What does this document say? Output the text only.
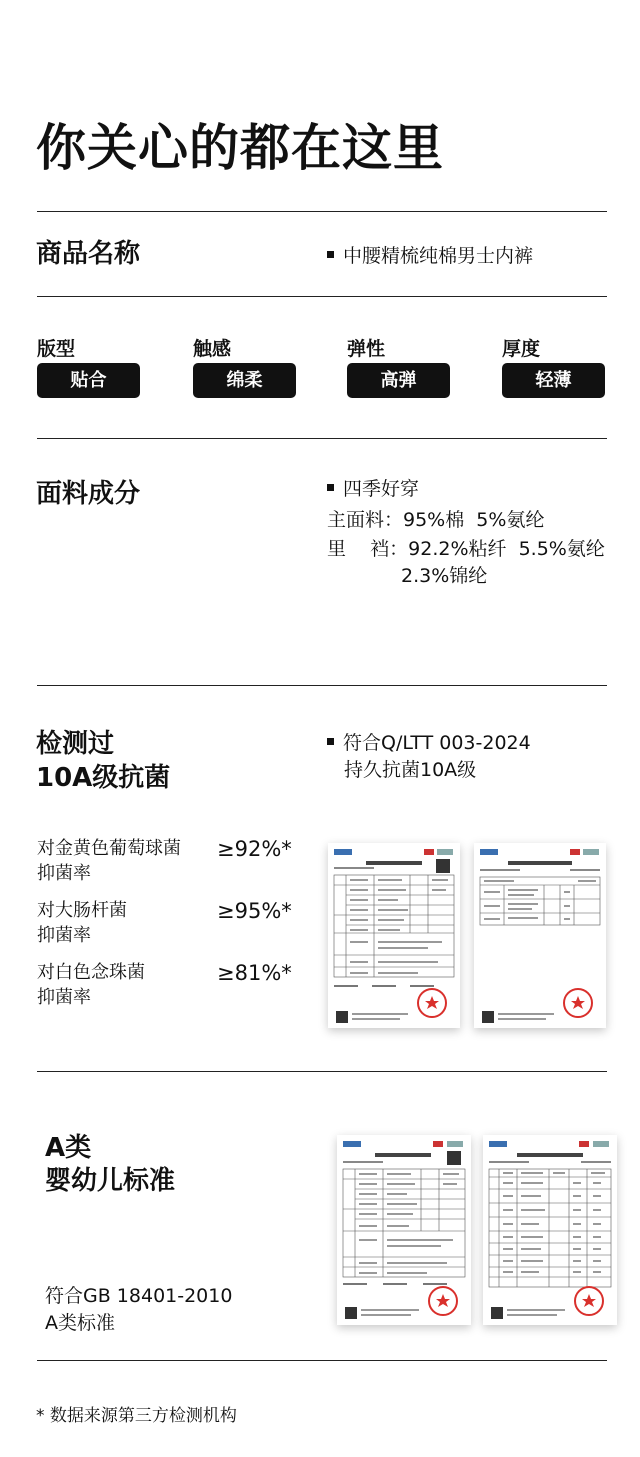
你关心的都在这里
商品名称	中腰精梳纯棉男士内裤
版型	触感	弹性	厚度
贴合	绵柔	高弹	轻薄
面料成分	四季好穿
主面料：95%棉  5%氨纶
里    裆：92.2%粘纤  5.5%氨纶
2.3%锦纶
检测过
10A级抗菌
符合Q/LTT 003-2024
持久抗菌10A级
对金黄色葡萄球菌
抑菌率
≥92%*
对大肠杆菌
抑菌率
≥95%*
对白色念珠菌
抑菌率
≥81%*
A类
婴幼儿标准
符合GB 18401-2010
A类标准
* 数据来源第三方检测机构
